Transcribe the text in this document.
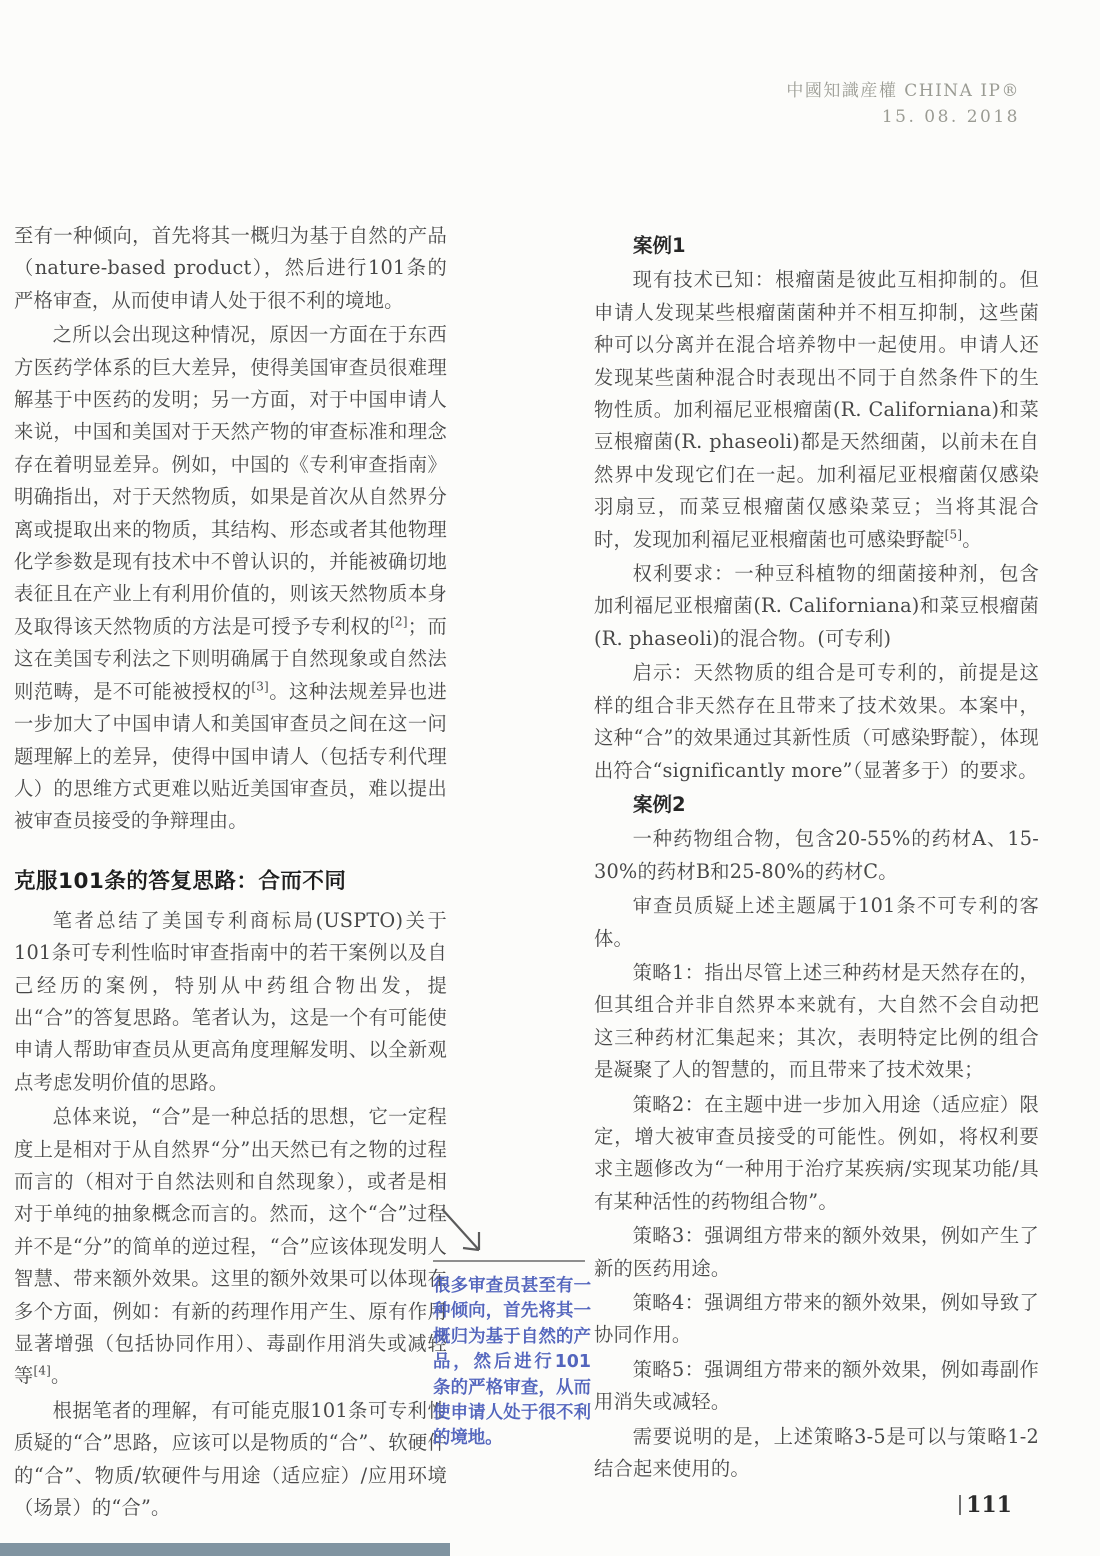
中國知識産權 CHINA IP®
15. 08. 2018

至有一种倾向，首先将其一概归为基于自然的产品（nature-based product），然后进行101条的严格审查，从而使申请人处于很不利的境地。

之所以会出现这种情况，原因一方面在于东西方医药学体系的巨大差异，使得美国审查员很难理解基于中医药的发明；另一方面，对于中国申请人来说，中国和美国对于天然产物的审查标准和理念存在着明显差异。例如，中国的《专利审查指南》明确指出，对于天然物质，如果是首次从自然界分离或提取出来的物质，其结构、形态或者其他物理化学参数是现有技术中不曾认识的，并能被确切地表征且在产业上有利用价值的，则该天然物质本身及取得该天然物质的方法是可授予专利权的[2]；而这在美国专利法之下则明确属于自然现象或自然法则范畴，是不可能被授权的[3]。这种法规差异也进一步加大了中国申请人和美国审查员之间在这一问题理解上的差异，使得中国申请人（包括专利代理人）的思维方式更难以贴近美国审查员，难以提出被审查员接受的争辩理由。

克服101条的答复思路：合而不同

笔者总结了美国专利商标局(USPTO)关于101条可专利性临时审查指南中的若干案例以及自己经历的案例，特别从中药组合物出发，提出“合”的答复思路。笔者认为，这是一个有可能使申请人帮助审查员从更高角度理解发明、以全新观点考虑发明价值的思路。

总体来说，“合”是一种总括的思想，它一定程度上是相对于从自然界“分”出天然已有之物的过程而言的（相对于自然法则和自然现象），或者是相对于单纯的抽象概念而言的。然而，这个“合”过程并不是“分”的简单的逆过程，“合”应该体现发明人智慧、带来额外效果。这里的额外效果可以体现在多个方面，例如：有新的药理作用产生、原有作用显著增强（包括协同作用）、毒副作用消失或减轻等[4]。

根据笔者的理解，有可能克服101条可专利性质疑的“合”思路，应该可以是物质的“合”、软硬件的“合”、物质/软硬件与用途（适应症）/应用环境（场景）的“合”。

很多审查员甚至有一种倾向，首先将其一概归为基于自然的产品，然后进行101条的严格审查，从而使申请人处于很不利的境地。

案例1

现有技术已知：根瘤菌是彼此互相抑制的。但申请人发现某些根瘤菌菌种并不相互抑制，这些菌种可以分离并在混合培养物中一起使用。申请人还发现某些菌种混合时表现出不同于自然条件下的生物性质。加利福尼亚根瘤菌(R. Californiana)和菜豆根瘤菌(R. phaseoli)都是天然细菌，以前未在自然界中发现它们在一起。加利福尼亚根瘤菌仅感染羽扇豆，而菜豆根瘤菌仅感染菜豆；当将其混合时，发现加利福尼亚根瘤菌也可感染野靛[5]。

权利要求：一种豆科植物的细菌接种剂，包含加利福尼亚根瘤菌(R. Californiana)和菜豆根瘤菌(R. phaseoli)的混合物。(可专利)

启示：天然物质的组合是可专利的，前提是这样的组合非天然存在且带来了技术效果。本案中，这种“合”的效果通过其新性质（可感染野靛），体现出符合“significantly more”（显著多于）的要求。

案例2

一种药物组合物，包含20-55%的药材A、15-30%的药材B和25-80%的药材C。

审查员质疑上述主题属于101条不可专利的客体。

策略1：指出尽管上述三种药材是天然存在的，但其组合并非自然界本来就有，大自然不会自动把这三种药材汇集起来；其次，表明特定比例的组合是凝聚了人的智慧的，而且带来了技术效果；

策略2：在主题中进一步加入用途（适应症）限定，增大被审查员接受的可能性。例如，将权利要求主题修改为“一种用于治疗某疾病/实现某功能/具有某种活性的药物组合物”。

策略3：强调组方带来的额外效果，例如产生了新的医药用途。

策略4：强调组方带来的额外效果，例如导致了协同作用。

策略5：强调组方带来的额外效果，例如毒副作用消失或减轻。

需要说明的是，上述策略3-5是可以与策略1-2结合起来使用的。

111
